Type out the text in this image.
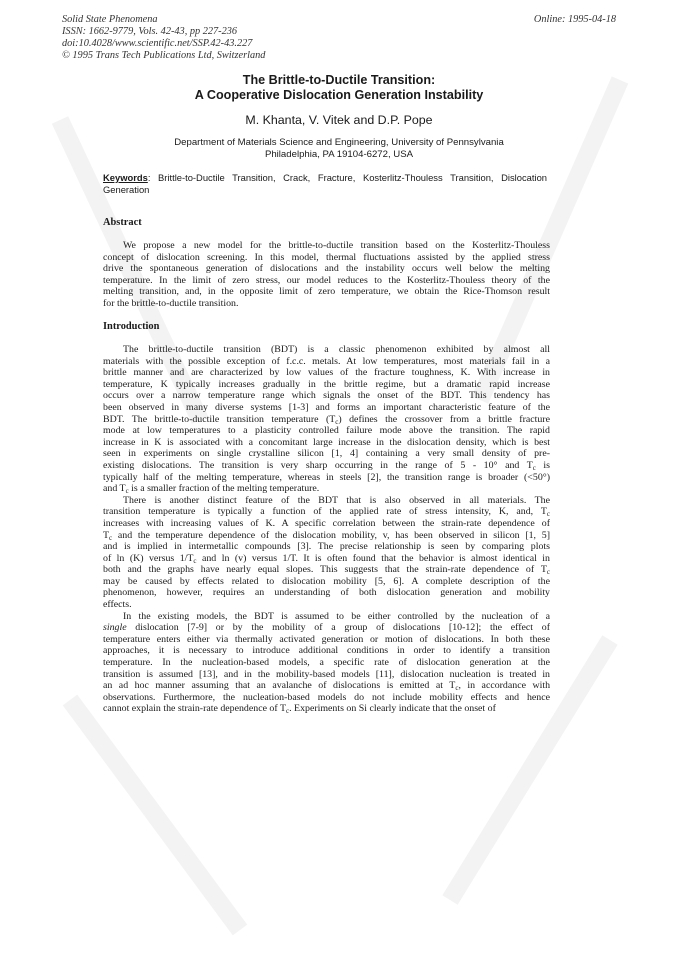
Solid State Phenomena
ISSN: 1662-9779, Vols. 42-43, pp 227-236
doi:10.4028/www.scientific.net/SSP.42-43.227
© 1995 Trans Tech Publications Ltd, Switzerland
Online: 1995-04-18
The Brittle-to-Ductile Transition:
A Cooperative Dislocation Generation Instability
M. Khanta, V. Vitek and D.P. Pope
Department of Materials Science and Engineering, University of Pennsylvania
Philadelphia, PA 19104-6272, USA
Keywords: Brittle-to-Ductile Transition, Crack, Fracture, Kosterlitz-Thouless Transition, Dislocation Generation
Abstract
We propose a new model for the brittle-to-ductile transition based on the Kosterlitz-Thouless
concept of dislocation screening. In this model, thermal fluctuations assisted by the applied stress
drive the spontaneous generation of dislocations and the instability occurs well below the melting
temperature. In the limit of zero stress, our model reduces to the Kosterlitz-Thouless theory of the
melting transition, and, in the opposite limit of zero temperature, we obtain the Rice-Thomson result
for the brittle-to-ductile transition.
Introduction
The brittle-to-ductile transition (BDT) is a classic phenomenon exhibited by almost all
materials with the possible exception of f.c.c. metals. At low temperatures, most materials fail in a
brittle manner and are characterized by low values of the fracture toughness, K. With increase in
temperature, K typically increases gradually in the brittle regime, but a dramatic rapid increase
occurs over a narrow temperature range which signals the onset of the BDT. This tendency has
been observed in many diverse systems [1-3] and forms an important characteristic feature of the
BDT. The brittle-to-ductile transition temperature $(T_c)$ defines the crossover from a brittle fracture
mode at low temperatures to a plasticity controlled failure mode above the transition. The rapid
increase in K is associated with a concomitant large increase in the dislocation density, which is best
seen in experiments on single crystalline silicon [1, 4] containing a very small density of pre-
existing dislocations. The transition is very sharp occurring in the range of 5 - 10° and $T_c$ is
typically half of the melting temperature, whereas in steels [2], the transition range is broader (<50°)
and $T_c$ is a smaller fraction of the melting temperature.
There is another distinct feature of the BDT that is also observed in all materials. The
transition temperature is typically a function of the applied rate of stress intensity, K, and, $T_c$
increases with increasing values of K. A specific correlation between the strain-rate dependence of
$T_c$ and the temperature dependence of the dislocation mobility, v, has been observed in silicon [1, 5]
and is implied in intermetallic compounds [3]. The precise relationship is seen by comparing plots
of ln (K) versus $1/T_c$ and ln (v) versus 1/T. It is often found that the behavior is almost identical in
both and the graphs have nearly equal slopes. This suggests that the strain-rate dependence of $T_c$
may be caused by effects related to dislocation mobility [5, 6]. A complete description of the
phenomenon, however, requires an understanding of both dislocation generation and mobility
effects.
In the existing models, the BDT is assumed to be either controlled by the nucleation of a
single dislocation [7-9] or by the mobility of a group of dislocations [10-12]; the effect of
temperature enters either via thermally activated generation or motion of dislocations. In both these
approaches, it is necessary to introduce additional conditions in order to identify a transition
temperature. In the nucleation-based models, a specific rate of dislocation generation at the
transition is assumed [13], and in the mobility-based models [11], dislocation nucleation is treated in
an ad hoc manner assuming that an avalanche of dislocations is emitted at $T_c$, in accordance with
observations. Furthermore, the nucleation-based models do not include mobility effects and hence
cannot explain the strain-rate dependence of $T_c$. Experiments on Si clearly indicate that the onset of
